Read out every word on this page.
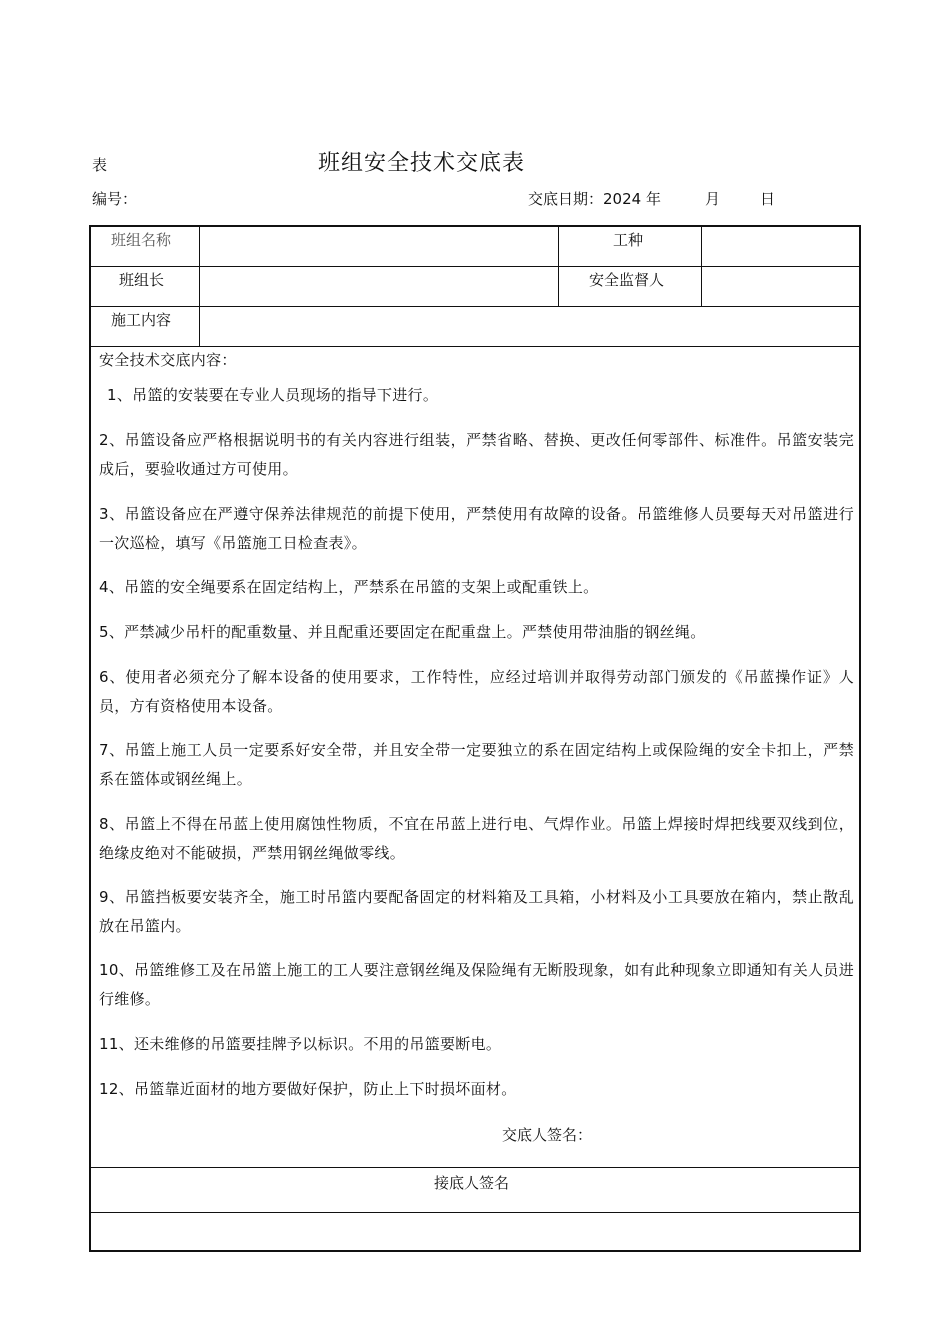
表	班组安全技术交底表
编号：	交底日期：2024 年	月	日
班组名称	工种
班组长	安全监督人
施工内容
安全技术交底内容：
1、吊篮的安装要在专业人员现场的指导下进行。
2、吊篮设备应严格根据说明书的有关内容进行组装，严禁省略、替换、更改任何零部件、标准件。吊篮安装完成后，要验收通过方可使用。
3、吊篮设备应在严遵守保养法律规范的前提下使用，严禁使用有故障的设备。吊篮维修人员要每天对吊篮进行一次巡检，填写《吊篮施工日检查表》。
4、吊篮的安全绳要系在固定结构上，严禁系在吊篮的支架上或配重铁上。
5、严禁减少吊杆的配重数量、并且配重还要固定在配重盘上。严禁使用带油脂的钢丝绳。
6、使用者必须充分了解本设备的使用要求，工作特性，应经过培训并取得劳动部门颁发的《吊蓝操作证》人员，方有资格使用本设备。
7、吊篮上施工人员一定要系好安全带，并且安全带一定要独立的系在固定结构上或保险绳的安全卡扣上，严禁系在篮体或钢丝绳上。
8、吊篮上不得在吊蓝上使用腐蚀性物质，不宜在吊蓝上进行电、气焊作业。吊篮上焊接时焊把线要双线到位，绝缘皮绝对不能破损，严禁用钢丝绳做零线。
9、吊篮挡板要安装齐全，施工时吊篮内要配备固定的材料箱及工具箱，小材料及小工具要放在箱内，禁止散乱放在吊篮内。
10、吊篮维修工及在吊篮上施工的工人要注意钢丝绳及保险绳有无断股现象，如有此种现象立即通知有关人员进行维修。
11、还未维修的吊篮要挂牌予以标识。不用的吊篮要断电。
12、吊篮靠近面材的地方要做好保护，防止上下时损坏面材。
交底人签名：
接底人签名
